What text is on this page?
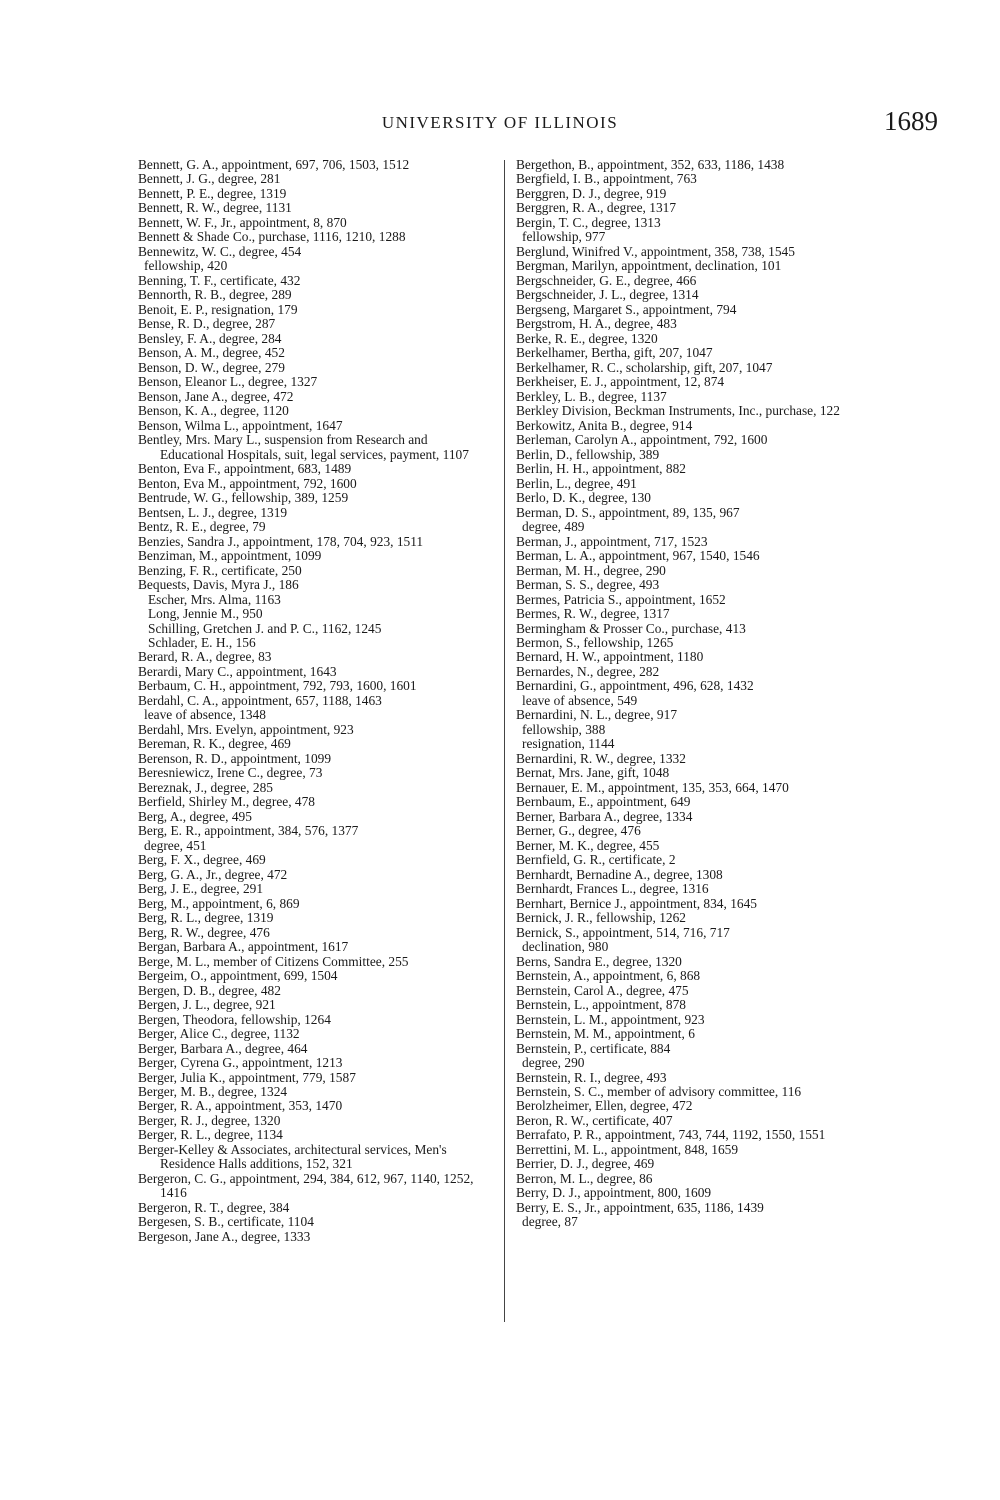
UNIVERSITY OF ILLINOIS	1689
Bennett, G. A., appointment, 697, 706, 1503, 1512
Bennett, J. G., degree, 281
Bennett, P. E., degree, 1319
Bennett, R. W., degree, 1131
Bennett, W. F., Jr., appointment, 8, 870
Bennett & Shade Co., purchase, 1116, 1210, 1288
Bennewitz, W. C., degree, 454
fellowship, 420
Benning, T. F., certificate, 432
Bennorth, R. B., degree, 289
Benoit, E. P., resignation, 179
Bense, R. D., degree, 287
Bensley, F. A., degree, 284
Benson, A. M., degree, 452
Benson, D. W., degree, 279
Benson, Eleanor L., degree, 1327
Benson, Jane A., degree, 472
Benson, K. A., degree, 1120
Benson, Wilma L., appointment, 1647
Bentley, Mrs. Mary L., suspension from Research and Educational Hospitals, suit, legal services, payment, 1107
Benton, Eva F., appointment, 683, 1489
Benton, Eva M., appointment, 792, 1600
Bentrude, W. G., fellowship, 389, 1259
Bentsen, L. J., degree, 1319
Bentz, R. E., degree, 79
Benzies, Sandra J., appointment, 178, 704, 923, 1511
Benziman, M., appointment, 1099
Benzing, F. R., certificate, 250
Bequests, Davis, Myra J., 186
Escher, Mrs. Alma, 1163
Long, Jennie M., 950
Schilling, Gretchen J. and P. C., 1162, 1245
Schlader, E. H., 156
Berard, R. A., degree, 83
Berardi, Mary C., appointment, 1643
Berbaum, C. H., appointment, 792, 793, 1600, 1601
Berdahl, C. A., appointment, 657, 1188, 1463
leave of absence, 1348
Berdahl, Mrs. Evelyn, appointment, 923
Bereman, R. K., degree, 469
Berenson, R. D., appointment, 1099
Beresniewicz, Irene C., degree, 73
Bereznak, J., degree, 285
Berfield, Shirley M., degree, 478
Berg, A., degree, 495
Berg, E. R., appointment, 384, 576, 1377
degree, 451
Berg, F. X., degree, 469
Berg, G. A., Jr., degree, 472
Berg, J. E., degree, 291
Berg, M., appointment, 6, 869
Berg, R. L., degree, 1319
Berg, R. W., degree, 476
Bergan, Barbara A., appointment, 1617
Berge, M. L., member of Citizens Committee, 255
Bergeim, O., appointment, 699, 1504
Bergen, D. B., degree, 482
Bergen, J. L., degree, 921
Bergen, Theodora, fellowship, 1264
Berger, Alice C., degree, 1132
Berger, Barbara A., degree, 464
Berger, Cyrena G., appointment, 1213
Berger, Julia K., appointment, 779, 1587
Berger, M. B., degree, 1324
Berger, R. A., appointment, 353, 1470
Berger, R. J., degree, 1320
Berger, R. L., degree, 1134
Berger-Kelley & Associates, architectural services, Men's Residence Halls additions, 152, 321
Bergeron, C. G., appointment, 294, 384, 612, 967, 1140, 1252, 1416
Bergeron, R. T., degree, 384
Bergesen, S. B., certificate, 1104
Bergeson, Jane A., degree, 1333
Bergethon, B., appointment, 352, 633, 1186, 1438
Bergfield, I. B., appointment, 763
Berggren, D. J., degree, 919
Berggren, R. A., degree, 1317
Bergin, T. C., degree, 1313
fellowship, 977
Berglund, Winifred V., appointment, 358, 738, 1545
Bergman, Marilyn, appointment, declination, 101
Bergschneider, G. E., degree, 466
Bergschneider, J. L., degree, 1314
Bergseng, Margaret S., appointment, 794
Bergstrom, H. A., degree, 483
Berke, R. E., degree, 1320
Berkelhamer, Bertha, gift, 207, 1047
Berkelhamer, R. C., scholarship, gift, 207, 1047
Berkheiser, E. J., appointment, 12, 874
Berkley, L. B., degree, 1137
Berkley Division, Beckman Instruments, Inc., purchase, 122
Berkowitz, Anita B., degree, 914
Berleman, Carolyn A., appointment, 792, 1600
Berlin, D., fellowship, 389
Berlin, H. H., appointment, 882
Berlin, L., degree, 491
Berlo, D. K., degree, 130
Berman, D. S., appointment, 89, 135, 967
degree, 489
Berman, J., appointment, 717, 1523
Berman, L. A., appointment, 967, 1540, 1546
Berman, M. H., degree, 290
Berman, S. S., degree, 493
Bermes, Patricia S., appointment, 1652
Bermes, R. W., degree, 1317
Bermingham & Prosser Co., purchase, 413
Bermon, S., fellowship, 1265
Bernard, H. W., appointment, 1180
Bernardes, N., degree, 282
Bernardini, G., appointment, 496, 628, 1432
leave of absence, 549
Bernardini, N. L., degree, 917
fellowship, 388
resignation, 1144
Bernardini, R. W., degree, 1332
Bernat, Mrs. Jane, gift, 1048
Bernauer, E. M., appointment, 135, 353, 664, 1470
Bernbaum, E., appointment, 649
Berner, Barbara A., degree, 1334
Berner, G., degree, 476
Berner, M. K., degree, 455
Bernfield, G. R., certificate, 2
Bernhardt, Bernadine A., degree, 1308
Bernhardt, Frances L., degree, 1316
Bernhart, Bernice J., appointment, 834, 1645
Bernick, J. R., fellowship, 1262
Bernick, S., appointment, 514, 716, 717
declination, 980
Berns, Sandra E., degree, 1320
Bernstein, A., appointment, 6, 868
Bernstein, Carol A., degree, 475
Bernstein, L., appointment, 878
Bernstein, L. M., appointment, 923
Bernstein, M. M., appointment, 6
Bernstein, P., certificate, 884
degree, 290
Bernstein, R. I., degree, 493
Bernstein, S. C., member of advisory committee, 116
Berolzheimer, Ellen, degree, 472
Beron, R. W., certificate, 407
Berrafato, P. R., appointment, 743, 744, 1192, 1550, 1551
Berrettini, M. L., appointment, 848, 1659
Berrier, D. J., degree, 469
Berron, M. L., degree, 86
Berry, D. J., appointment, 800, 1609
Berry, E. S., Jr., appointment, 635, 1186, 1439
degree, 87
